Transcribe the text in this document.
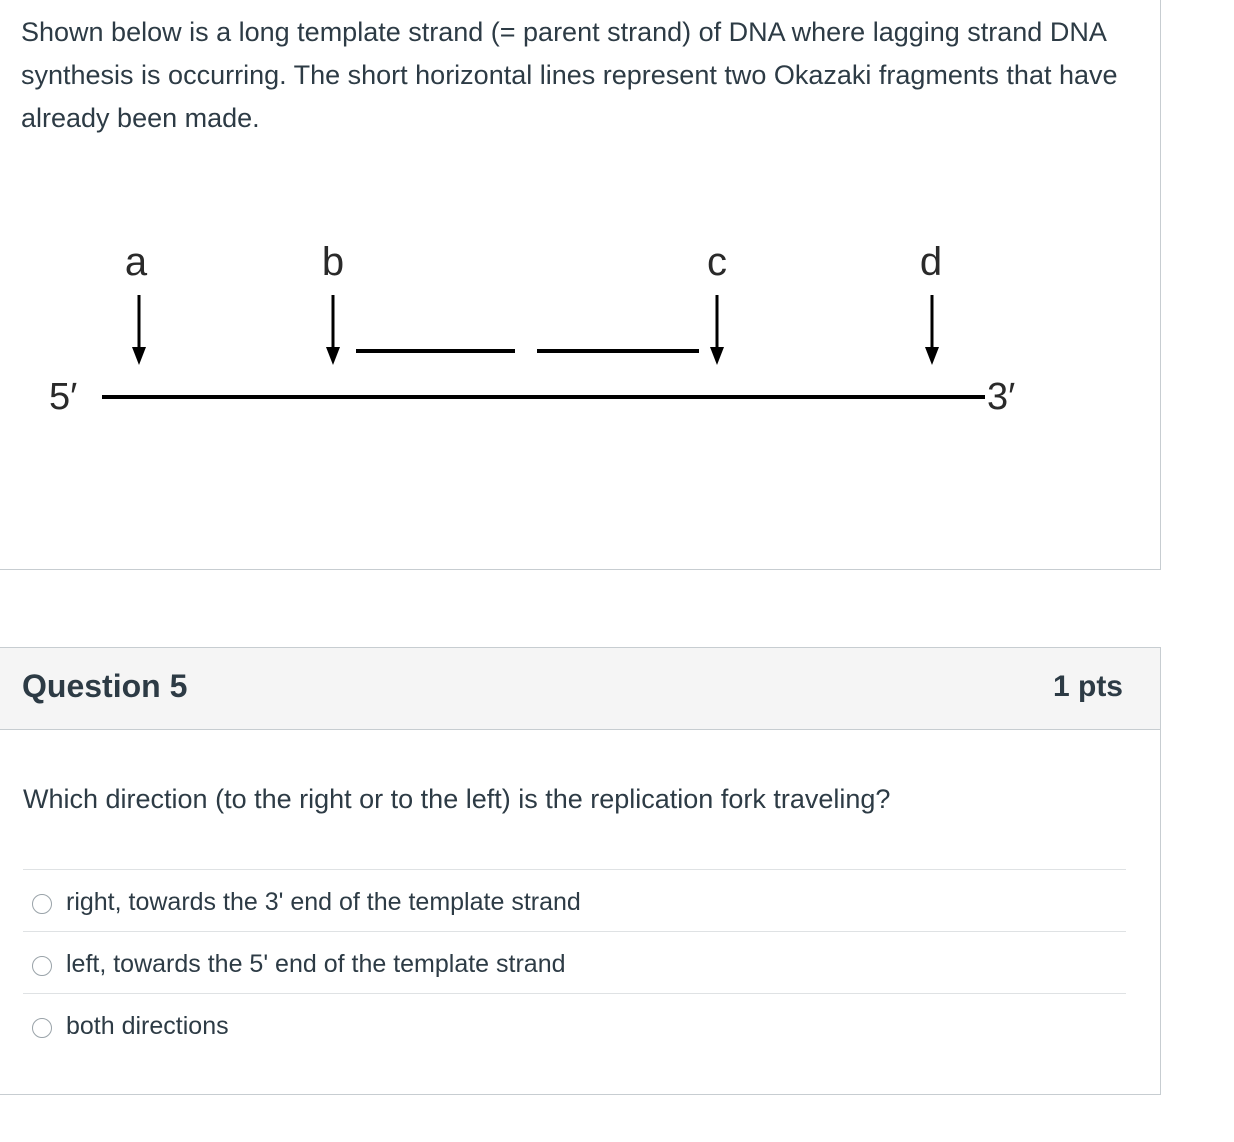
Shown below is a long template strand (= parent strand) of DNA where lagging strand DNA synthesis is occurring. The short horizontal lines represent two Okazaki fragments that have already been made.

5′	3′
a	b	c	d
Question 5	1 pts

Which direction (to the right or to the left) is the replication fork traveling?

right, towards the 3' end of the template strand
left, towards the 5' end of the template strand
both directions
